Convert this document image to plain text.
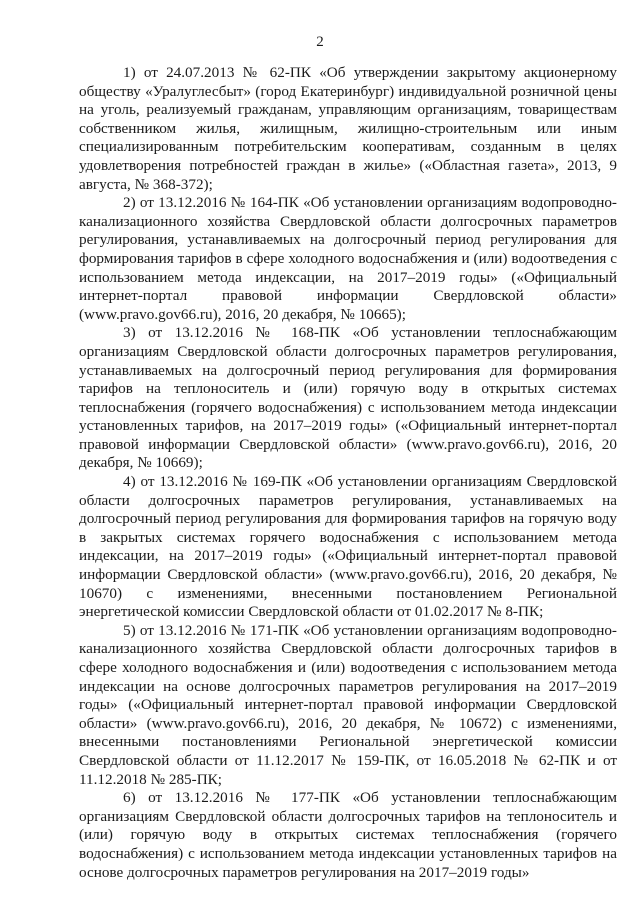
2

1) от 24.07.2013 № 62-ПК «Об утверждении закрытому акционерному обществу «Уралуглесбыт» (город Екатеринбург) индивидуальной розничной цены на уголь, реализуемый гражданам, управляющим организациям, товариществам собственником жилья, жилищным, жилищно-строительным или иным специализированным потребительским кооперативам, созданным в целях удовлетворения потребностей граждан в жилье» («Областная газета», 2013, 9 августа, № 368-372);

2) от 13.12.2016 № 164-ПК «Об установлении организациям водопроводно-канализационного хозяйства Свердловской области долгосрочных параметров регулирования, устанавливаемых на долгосрочный период регулирования для формирования тарифов в сфере холодного водоснабжения и (или) водоотведения с использованием метода индексации, на 2017–2019 годы» («Официальный интернет-портал правовой информации Свердловской области» (www.pravo.gov66.ru), 2016, 20 декабря, № 10665);

3) от 13.12.2016 № 168-ПК «Об установлении теплоснабжающим организациям Свердловской области долгосрочных параметров регулирования, устанавливаемых на долгосрочный период регулирования для формирования тарифов на теплоноситель и (или) горячую воду в открытых системах теплоснабжения (горячего водоснабжения) с использованием метода индексации установленных тарифов, на 2017–2019 годы» («Официальный интернет-портал правовой информации Свердловской области» (www.pravo.gov66.ru), 2016, 20 декабря, № 10669);

4) от 13.12.2016 № 169-ПК «Об установлении организациям Свердловской области долгосрочных параметров регулирования, устанавливаемых на долгосрочный период регулирования для формирования тарифов на горячую воду в закрытых системах горячего водоснабжения с использованием метода индексации, на 2017–2019 годы» («Официальный интернет-портал правовой информации Свердловской области» (www.pravo.gov66.ru), 2016, 20 декабря, № 10670) с изменениями, внесенными постановлением Региональной энергетической комиссии Свердловской области от 01.02.2017 № 8-ПК;

5) от 13.12.2016 № 171-ПК «Об установлении организациям водопроводно-канализационного хозяйства Свердловской области долгосрочных тарифов в сфере холодного водоснабжения и (или) водоотведения с использованием метода индексации на основе долгосрочных параметров регулирования на 2017–2019 годы» («Официальный интернет-портал правовой информации Свердловской области» (www.pravo.gov66.ru), 2016, 20 декабря, № 10672) с изменениями, внесенными постановлениями Региональной энергетической комиссии Свердловской области от 11.12.2017 № 159-ПК, от 16.05.2018 № 62-ПК и от 11.12.2018 № 285-ПК;

6) от 13.12.2016 № 177-ПК «Об установлении теплоснабжающим организациям Свердловской области долгосрочных тарифов на теплоноситель и (или) горячую воду в открытых системах теплоснабжения (горячего водоснабжения) с использованием метода индексации установленных тарифов на основе долгосрочных параметров регулирования на 2017–2019 годы»
